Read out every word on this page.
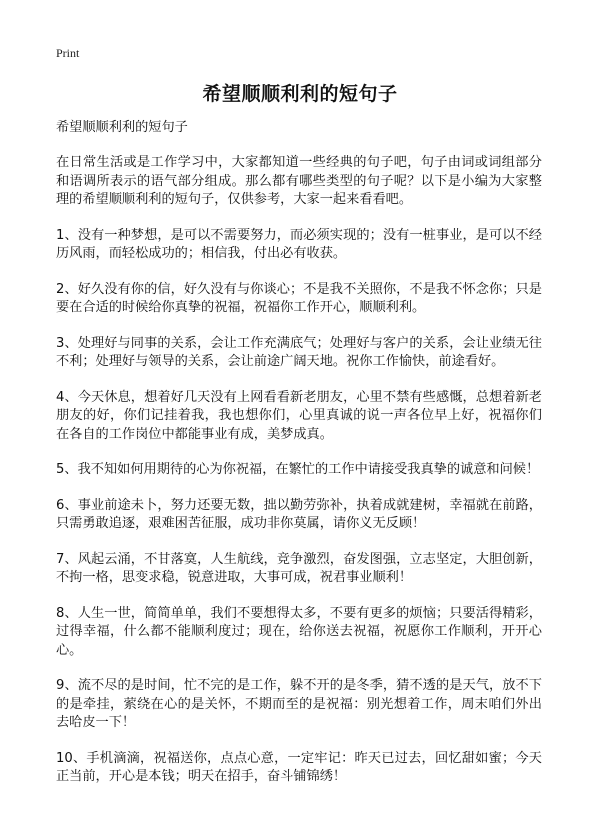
Print
希望顺顺利利的短句子

希望顺顺利利的短句子

在日常生活或是工作学习中，大家都知道一些经典的句子吧，句子由词或词组部分和语调所表示的语气部分组成。那么都有哪些类型的句子呢？以下是小编为大家整理的希望顺顺利利的短句子，仅供参考，大家一起来看看吧。

1、没有一种梦想，是可以不需要努力，而必须实现的；没有一桩事业，是可以不经历风雨，而轻松成功的；相信我，付出必有收获。

2、好久没有你的信，好久没有与你谈心；不是我不关照你，不是我不怀念你；只是要在合适的时候给你真挚的祝福，祝福你工作开心，顺顺利利。

3、处理好与同事的关系，会让工作充满底气；处理好与客户的关系，会让业绩无往不利；处理好与领导的关系，会让前途广阔天地。祝你工作愉快，前途看好。

4、今天休息，想着好几天没有上网看看新老朋友，心里不禁有些感慨，总想着新老朋友的好，你们记挂着我，我也想你们，心里真诚的说一声各位早上好，祝福你们在各自的工作岗位中都能事业有成，美梦成真。

5、我不知如何用期待的心为你祝福，在繁忙的工作中请接受我真挚的诚意和问候！

6、事业前途未卜，努力还要无数，拙以勤劳弥补，执着成就建树，幸福就在前路，只需勇敢追逐，艰难困苦征服，成功非你莫属，请你义无反顾！

7、风起云涌，不甘落寞，人生航线，竞争激烈，奋发图强，立志坚定，大胆创新，不拘一格，思变求稳，锐意进取，大事可成，祝君事业顺利！

8、人生一世，简简单单，我们不要想得太多，不要有更多的烦恼；只要活得精彩，过得幸福，什么都不能顺利度过；现在，给你送去祝福，祝愿你工作顺利，开开心心。

9、流不尽的是时间，忙不完的是工作，躲不开的是冬季，猜不透的是天气，放不下的是牵挂，萦绕在心的是关怀，不期而至的是祝福：别光想着工作，周末咱们外出去哈皮一下！

10、手机滴滴，祝福送你，点点心意，一定牢记：昨天已过去，回忆甜如蜜；今天正当前，开心是本钱；明天在招手，奋斗铺锦绣！
